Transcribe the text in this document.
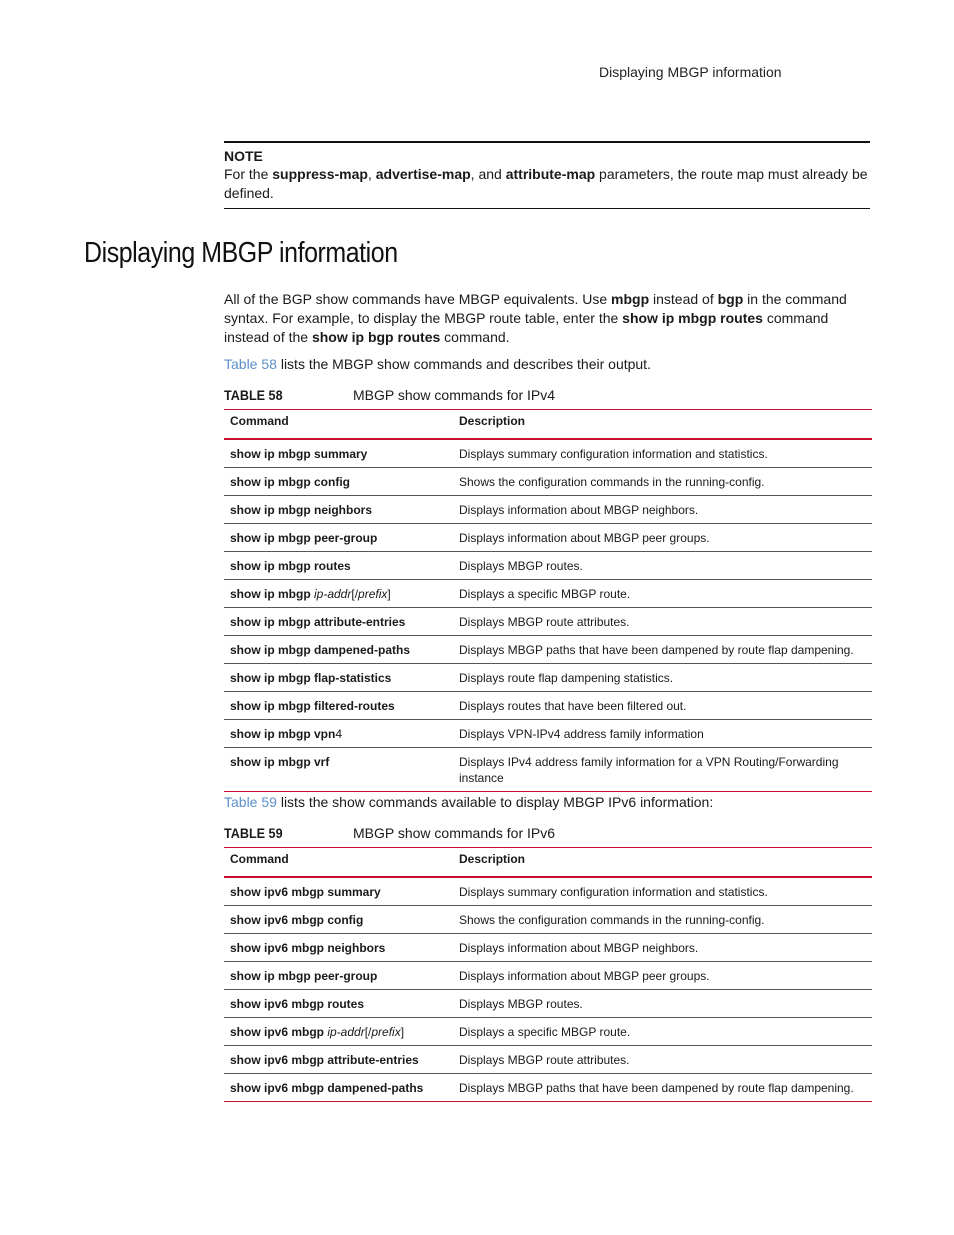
Displaying MBGP information
NOTE
For the suppress-map, advertise-map, and attribute-map parameters, the route map must already be defined.
Displaying MBGP information

All of the BGP show commands have MBGP equivalents. Use mbgp instead of bgp in the command syntax. For example, to display the MBGP route table, enter the show ip mbgp routes command instead of the show ip bgp routes command.

Table 58 lists the MBGP show commands and describes their output.

TABLE 58	MBGP show commands for IPv4
Command	Description
show ip mbgp summary	Displays summary configuration information and statistics.
show ip mbgp config	Shows the configuration commands in the running-config.
show ip mbgp neighbors	Displays information about MBGP neighbors.
show ip mbgp peer-group	Displays information about MBGP peer groups.
show ip mbgp routes	Displays MBGP routes.
show ip mbgp ip-addr[/prefix]	Displays a specific MBGP route.
show ip mbgp attribute-entries	Displays MBGP route attributes.
show ip mbgp dampened-paths	Displays MBGP paths that have been dampened by route flap dampening.
show ip mbgp flap-statistics	Displays route flap dampening statistics.
show ip mbgp filtered-routes	Displays routes that have been filtered out.
show ip mbgp vpn4	Displays VPN-IPv4 address family information
show ip mbgp vrf	Displays IPv4 address family information for a VPN Routing/Forwarding instance

Table 59 lists the show commands available to display MBGP IPv6 information:

TABLE 59	MBGP show commands for IPv6
Command	Description
show ipv6 mbgp summary	Displays summary configuration information and statistics.
show ipv6 mbgp config	Shows the configuration commands in the running-config.
show ipv6 mbgp neighbors	Displays information about MBGP neighbors.
show ip mbgp peer-group	Displays information about MBGP peer groups.
show ipv6 mbgp routes	Displays MBGP routes.
show ipv6 mbgp ip-addr[/prefix]	Displays a specific MBGP route.
show ipv6 mbgp attribute-entries	Displays MBGP route attributes.
show ipv6 mbgp dampened-paths	Displays MBGP paths that have been dampened by route flap dampening.
